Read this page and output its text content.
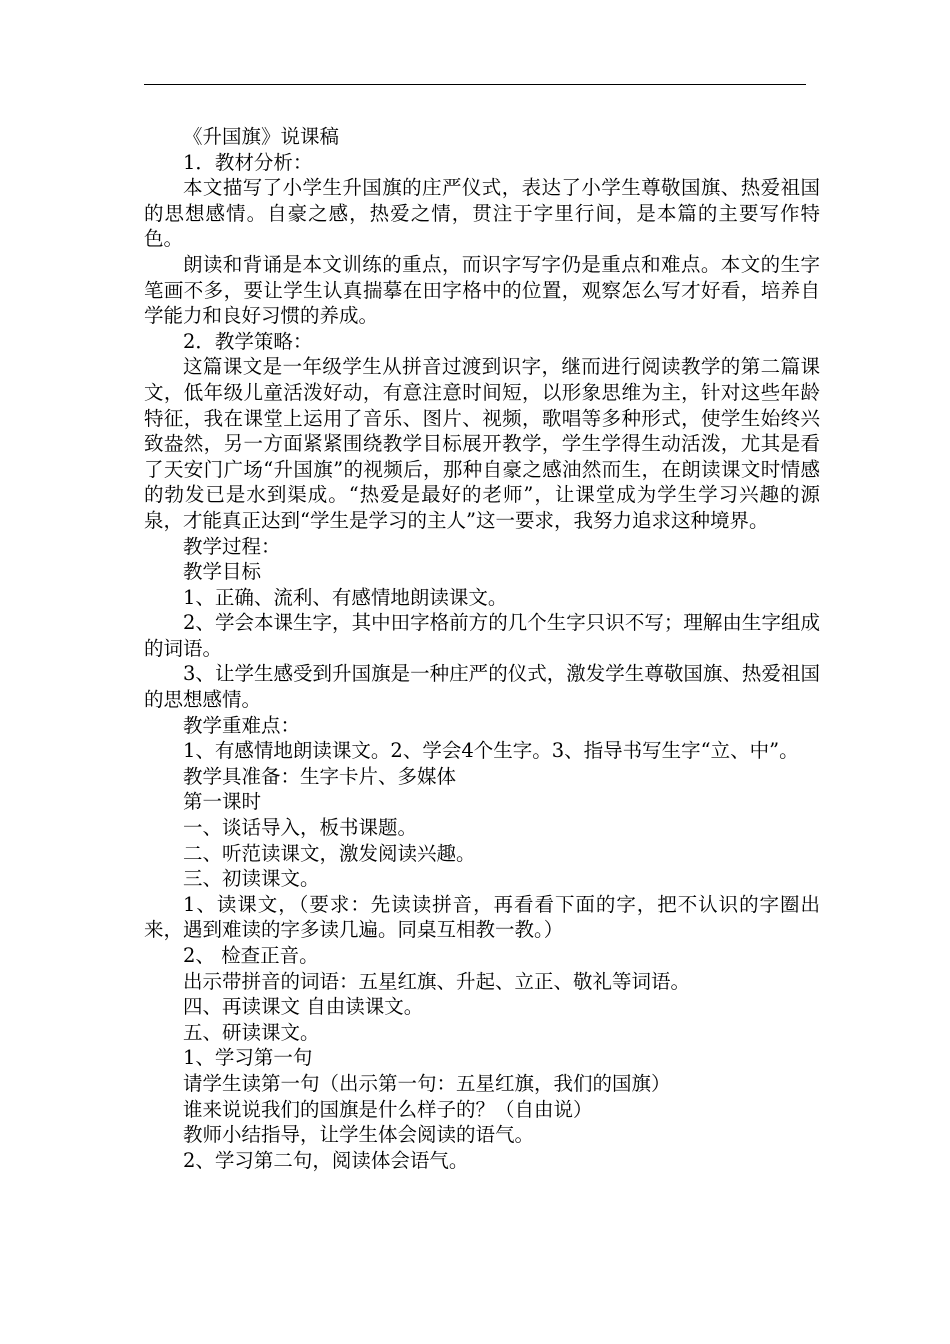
《升国旗》说课稿

1．教材分析：

本文描写了小学生升国旗的庄严仪式，表达了小学生尊敬国旗、热爱祖国的思想感情。自豪之感，热爱之情，贯注于字里行间，是本篇的主要写作特色。

朗读和背诵是本文训练的重点，而识字写字仍是重点和难点。本文的生字笔画不多，要让学生认真揣摹在田字格中的位置，观察怎么写才好看，培养自学能力和良好习惯的养成。

2．教学策略：

这篇课文是一年级学生从拼音过渡到识字，继而进行阅读教学的第二篇课文，低年级儿童活泼好动，有意注意时间短，以形象思维为主，针对这些年龄特征，我在课堂上运用了音乐、图片、视频，歌唱等多种形式，使学生始终兴致盎然，另一方面紧紧围绕教学目标展开教学，学生学得生动活泼，尤其是看了天安门广场“升国旗”的视频后，那种自豪之感油然而生，在朗读课文时情感的勃发已是水到渠成。“热爱是最好的老师”，让课堂成为学生学习兴趣的源泉，才能真正达到“学生是学习的主人”这一要求，我努力追求这种境界。

教学过程：

教学目标

1、正确、流利、有感情地朗读课文。

2、学会本课生字，其中田字格前方的几个生字只识不写；理解由生字组成的词语。

3、让学生感受到升国旗是一种庄严的仪式，激发学生尊敬国旗、热爱祖国的思想感情。

教学重难点：

1、有感情地朗读课文。2、学会4个生字。3、指导书写生字“立、中”。

教学具准备：生字卡片、多媒体

第一课时

一、谈话导入，板书课题。

二、听范读课文，激发阅读兴趣。

三、初读课文。

1、读课文，（要求：先读读拼音，再看看下面的字，把不认识的字圈出来，遇到难读的字多读几遍。同桌互相教一教。）

2、 检查正音。

出示带拼音的词语：五星红旗、升起、立正、敬礼等词语。

四、再读课文 自由读课文。

五、研读课文。

1、学习第一句

请学生读第一句（出示第一句：五星红旗，我们的国旗）

谁来说说我们的国旗是什么样子的？（自由说）

教师小结指导，让学生体会阅读的语气。

2、学习第二句，阅读体会语气。
